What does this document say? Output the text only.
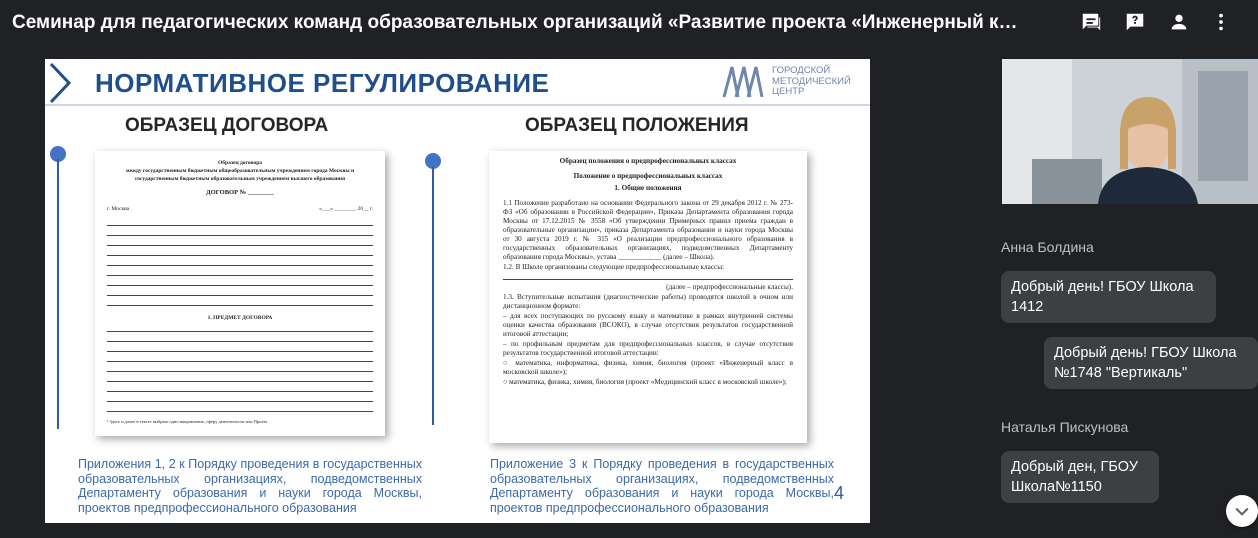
Семинар для педагогических команд образовательных организаций «Развитие проекта «Инженерный к…
НОРМАТИВНОЕ РЕГУЛИРОВАНИЕ	ГОРОДСКОЙ
МЕТОДИЧЕСКИЙ
ЦЕНТР
ОБРАЗЕЦ ДОГОВОРА	ОБРАЗЕЦ ПОЛОЖЕНИЯ
Образец договора
между государственным бюджетным общеобразовательным учреждением города Москвы и государственным бюджетным образовательным учреждением высшего образования
ДОГОВОР № ________
г. Москва	«___» ________ 20__ г.
1. ПРЕДМЕТ ДОГОВОРА
¹ Здесь и далее в тексте выбрать одно направление, сферу деятельности или Проект
Образец положения о предпрофессиональных классах
Положение о предпрофессиональных классах
1. Общие положения

1.1 Положение разработано на основании Федерального закона от 29 декабря 2012 г. № 273-ФЗ «Об образовании в Российской Федерации», Приказа Департамента образования города Москвы от 17.12.2015 № 3558 «Об утверждении Примерных правил приема граждан в образовательные организации», приказа Департамента образования и науки города Москвы от 30 августа 2019 г. № 315 «О реализации предпрофессионального образования в государственных образовательных организациях, подведомственных Департаменту образования города Москвы», устава ____________ (далее – Школа).

1.2. В Школе организованы следующие предпрофессиональные классы:

(далее – предпрофессиональные классы).

1.3. Вступительные испытания (диагностические работы) проводятся школой в очном или дистанционном формате:

– для всех поступающих по русскому языку и математике в рамках внутренней системы оценки качества образования (ВСОКО), в случае отсутствия результатов государственной итоговой аттестации;

– по профильным предметам для предпрофессиональных классов, в случае отсутствия результатов государственной итоговой аттестации:

○ математика, информатика, физика, химия, биология (проект «Инженерный класс в московской школе»);

○ математика, физика, химия, биология (проект «Медицинский класс в московской школе»);

Приложения 1, 2 к Порядку проведения в государственных образовательных организациях, подведомственных Департаменту образования и науки города Москвы, проектов предпрофессионального образования
Приложение 3 к Порядку проведения в государственных образовательных организациях, подведомственных Департаменту образования и науки города Москвы, проектов предпрофессионального образования
4
Анна Болдина
Добрый день! ГБОУ Школа 1412
Добрый день! ГБОУ Школа №1748 "Вертикаль"
Наталья Пискунова
Добрый ден, ГБОУ Школа№1150
